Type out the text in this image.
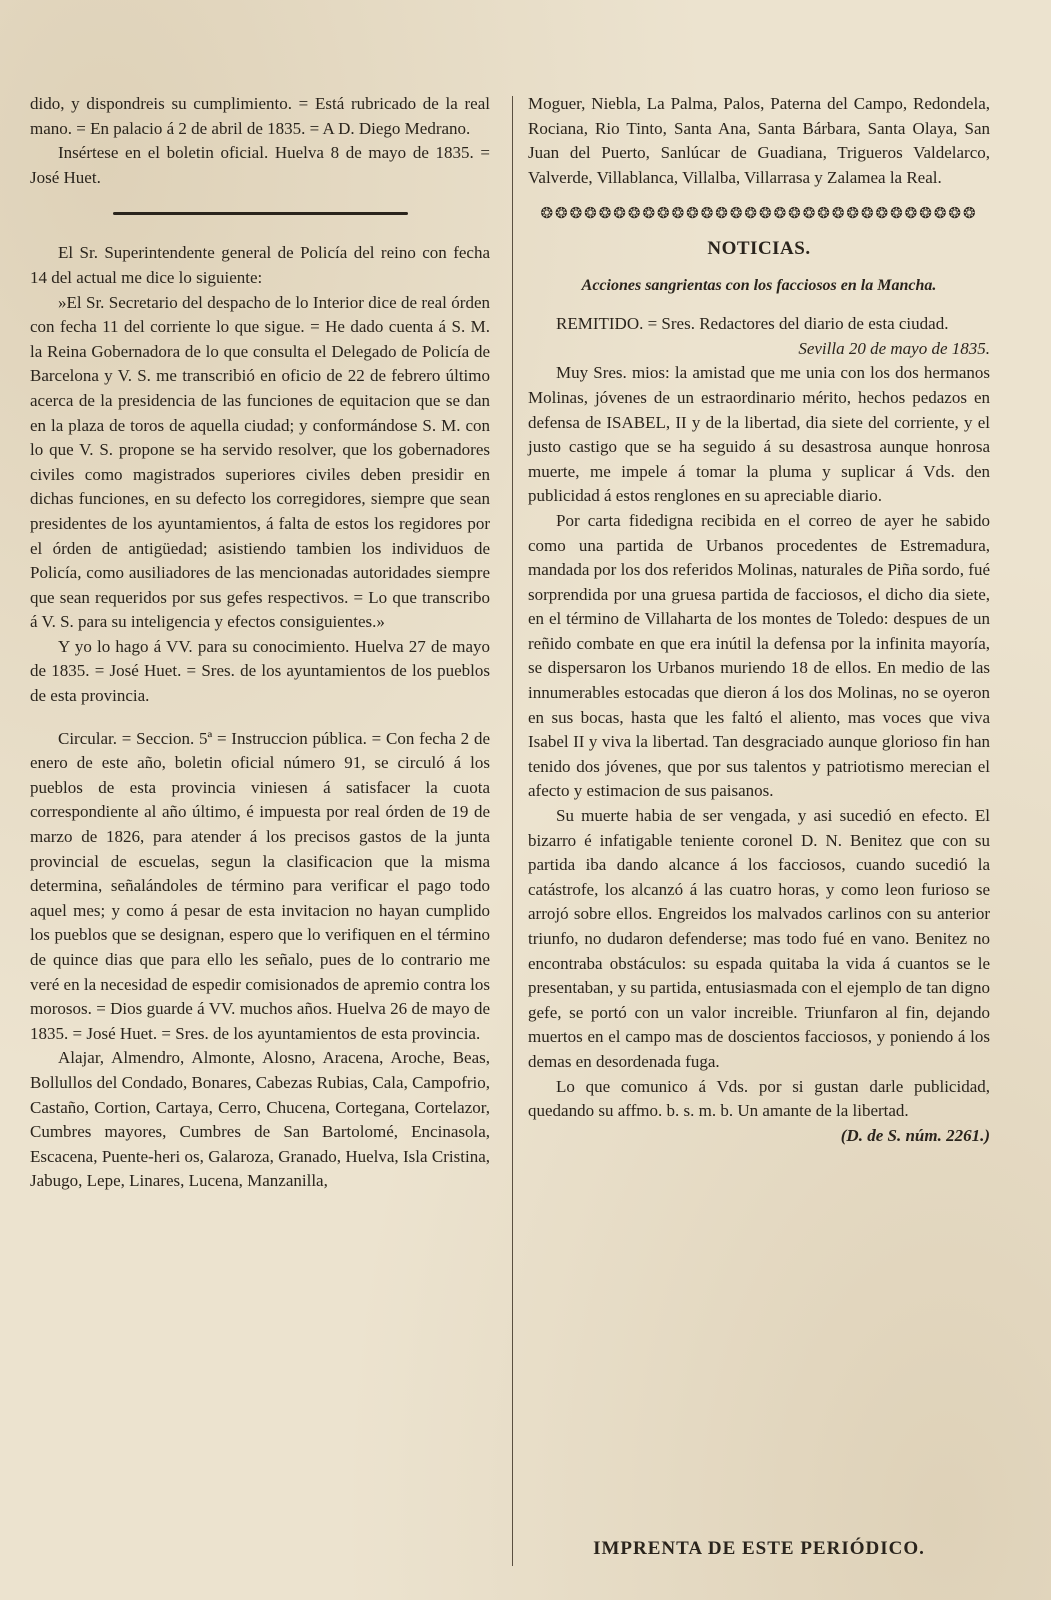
dido, y dispondreis su cumplimiento. = Está rubricado de la real mano. = En palacio á 2 de abril de 1835. = A D. Diego Medrano.

Insértese en el boletin oficial. Huelva 8 de mayo de 1835. = José Huet.

El Sr. Superintendente general de Policía del reino con fecha 14 del actual me dice lo siguiente:

»El Sr. Secretario del despacho de lo Interior dice de real órden con fecha 11 del corriente lo que sigue. = He dado cuenta á S. M. la Reina Gobernadora de lo que consulta el Delegado de Policía de Barcelona y V. S. me transcribió en oficio de 22 de febrero último acerca de la presidencia de las funciones de equitacion que se dan en la plaza de toros de aquella ciudad; y conformándose S. M. con lo que V. S. propone se ha servido resolver, que los gobernadores civiles como magistrados superiores civiles deben presidir en dichas funciones, en su defecto los corregidores, siempre que sean presidentes de los ayuntamientos, á falta de estos los regidores por el órden de antigüedad; asistiendo tambien los individuos de Policía, como ausiliadores de las mencionadas autoridades siempre que sean requeridos por sus gefes respectivos. = Lo que transcribo á V. S. para su inteligencia y efectos consiguientes.»

Y yo lo hago á VV. para su conocimiento. Huelva 27 de mayo de 1835. = José Huet. = Sres. de los ayuntamientos de los pueblos de esta provincia.

Circular. = Seccion. 5ª = Instruccion pública. = Con fecha 2 de enero de este año, boletin oficial número 91, se circuló á los pueblos de esta provincia viniesen á satisfacer la cuota correspondiente al año último, é impuesta por real órden de 19 de marzo de 1826, para atender á los precisos gastos de la junta provincial de escuelas, segun la clasificacion que la misma determina, señalándoles de término para verificar el pago todo aquel mes; y como á pesar de esta invitacion no hayan cumplido los pueblos que se designan, espero que lo verifiquen en el término de quince dias que para ello les señalo, pues de lo contrario me veré en la necesidad de espedir comisionados de apremio contra los morosos. = Dios guarde á VV. muchos años. Huelva 26 de mayo de 1835. = José Huet. = Sres. de los ayuntamientos de esta provincia.

Alajar, Almendro, Almonte, Alosno, Aracena, Aroche, Beas, Bollullos del Condado, Bonares, Cabezas Rubias, Cala, Campofrio, Castaño, Cortion, Cartaya, Cerro, Chucena, Cortegana, Cortelazor, Cumbres mayores, Cumbres de San Bartolomé, Encinasola, Escacena, Puente-heri os, Galaroza, Granado, Huelva, Isla Cristina, Jabugo, Lepe, Linares, Lucena, Manzanilla,

Moguer, Niebla, La Palma, Palos, Paterna del Campo, Redondela, Rociana, Rio Tinto, Santa Ana, Santa Bárbara, Santa Olaya, San Juan del Puerto, Sanlúcar de Guadiana, Trigueros Valdelarco, Valverde, Villablanca, Villalba, Villarrasa y Zalamea la Real.

❂❂❂❂❂❂❂❂❂❂❂❂❂❂❂❂❂❂❂❂❂❂❂❂❂❂❂❂❂❂
NOTICIAS.
Acciones sangrientas con los facciosos en la Mancha.

REMITIDO. = Sres. Redactores del diario de esta ciudad.

Sevilla 20 de mayo de 1835.

Muy Sres. mios: la amistad que me unia con los dos hermanos Molinas, jóvenes de un estraordinario mérito, hechos pedazos en defensa de ISABEL, II y de la libertad, dia siete del corriente, y el justo castigo que se ha seguido á su desastrosa aunque honrosa muerte, me impele á tomar la pluma y suplicar á Vds. den publicidad á estos renglones en su apreciable diario.

Por carta fidedigna recibida en el correo de ayer he sabido como una partida de Urbanos procedentes de Estremadura, mandada por los dos referidos Molinas, naturales de Piña sordo, fué sorprendida por una gruesa partida de facciosos, el dicho dia siete, en el término de Villaharta de los montes de Toledo: despues de un reñido combate en que era inútil la defensa por la infinita mayoría, se dispersaron los Urbanos muriendo 18 de ellos. En medio de las innumerables estocadas que dieron á los dos Molinas, no se oyeron en sus bocas, hasta que les faltó el aliento, mas voces que viva Isabel II y viva la libertad. Tan desgraciado aunque glorioso fin han tenido dos jóvenes, que por sus talentos y patriotismo merecian el afecto y estimacion de sus paisanos.

Su muerte habia de ser vengada, y asi sucedió en efecto. El bizarro é infatigable teniente coronel D. N. Benitez que con su partida iba dando alcance á los facciosos, cuando sucedió la catástrofe, los alcanzó á las cuatro horas, y como leon furioso se arrojó sobre ellos. Engreidos los malvados carlinos con su anterior triunfo, no dudaron defenderse; mas todo fué en vano. Benitez no encontraba obstáculos: su espada quitaba la vida á cuantos se le presentaban, y su partida, entusiasmada con el ejemplo de tan digno gefe, se portó con un valor increible. Triunfaron al fin, dejando muertos en el campo mas de doscientos facciosos, y poniendo á los demas en desordenada fuga.

Lo que comunico á Vds. por si gustan darle publicidad, quedando su affmo. b. s. m. b. Un amante de la libertad.

(D. de S. núm. 2261.)

IMPRENTA DE ESTE PERIÓDICO.
